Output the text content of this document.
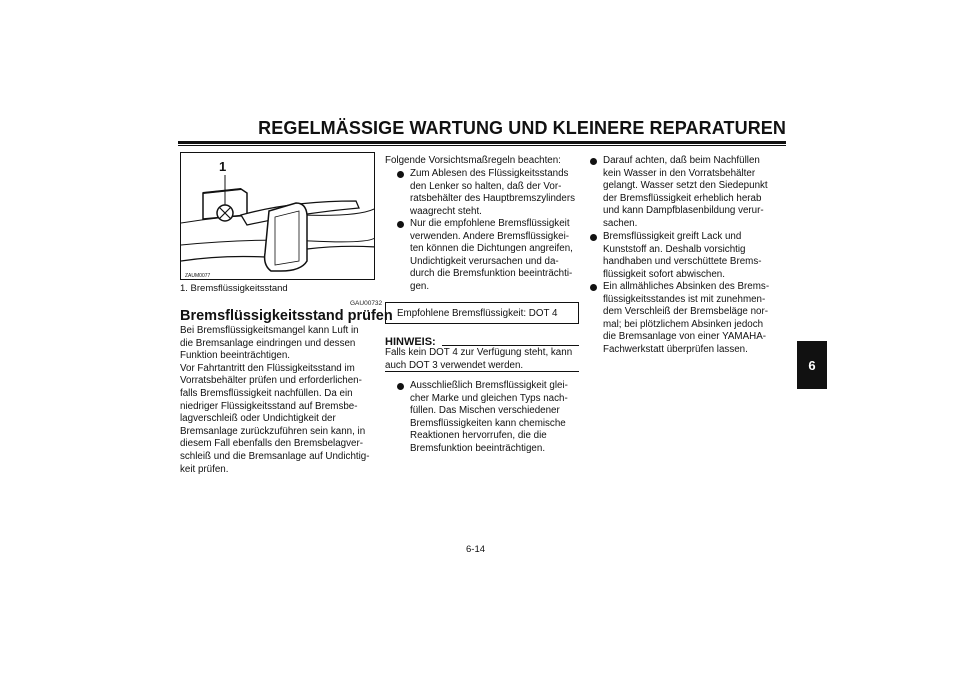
REGELMÄSSIGE WARTUNG UND KLEINERE REPARATUREN
6
1
ZAUM0077
1. Bremsflüssigkeitsstand
GAU00732
Bremsflüssigkeitsstand prüfen
Bei Bremsflüssigkeitsmangel kann Luft in
die Bremsanlage eindringen und dessen
Funktion beeinträchtigen.
Vor Fahrtantritt den Flüssigkeitsstand im
Vorratsbehälter prüfen und erforderlichen-
falls Bremsflüssigkeit nachfüllen. Da ein
niedriger Flüssigkeitsstand auf Bremsbe-
lagverschleiß oder Undichtigkeit der
Bremsanlage zurückzuführen sein kann, in
diesem Fall ebenfalls den Bremsbelagver-
schleiß und die Bremsanlage auf Undichtig-
keit prüfen.
Folgende Vorsichtsmaßregeln beachten:
Zum Ablesen des Flüssigkeitsstands
den Lenker so halten, daß der Vor-
ratsbehälter des Hauptbremszylinders
waagrecht steht.
Nur die empfohlene Bremsflüssigkeit
verwenden. Andere Bremsflüssigkei-
ten können die Dichtungen angreifen,
Undichtigkeit verursachen und da-
durch die Bremsfunktion beeinträchti-
gen.
Empfohlene Bremsflüssigkeit: DOT 4
HINWEIS:
Falls kein DOT 4 zur Verfügung steht, kann
auch DOT 3 verwendet werden.
Ausschließlich Bremsflüssigkeit glei-
cher Marke und gleichen Typs nach-
füllen. Das Mischen verschiedener
Bremsflüssigkeiten kann chemische
Reaktionen hervorrufen, die die
Bremsfunktion beeinträchtigen.
Darauf achten, daß beim Nachfüllen
kein Wasser in den Vorratsbehälter
gelangt. Wasser setzt den Siedepunkt
der Bremsflüssigkeit erheblich herab
und kann Dampfblasenbildung verur-
sachen.
Bremsflüssigkeit greift Lack und
Kunststoff an. Deshalb vorsichtig
handhaben und verschüttete Brems-
flüssigkeit sofort abwischen.
Ein allmähliches Absinken des Brems-
flüssigkeitsstandes ist mit zunehmen-
dem Verschleiß der Bremsbeläge nor-
mal; bei plötzlichem Absinken jedoch
die Bremsanlage von einer YAMAHA-
Fachwerkstatt überprüfen lassen.
6-14
